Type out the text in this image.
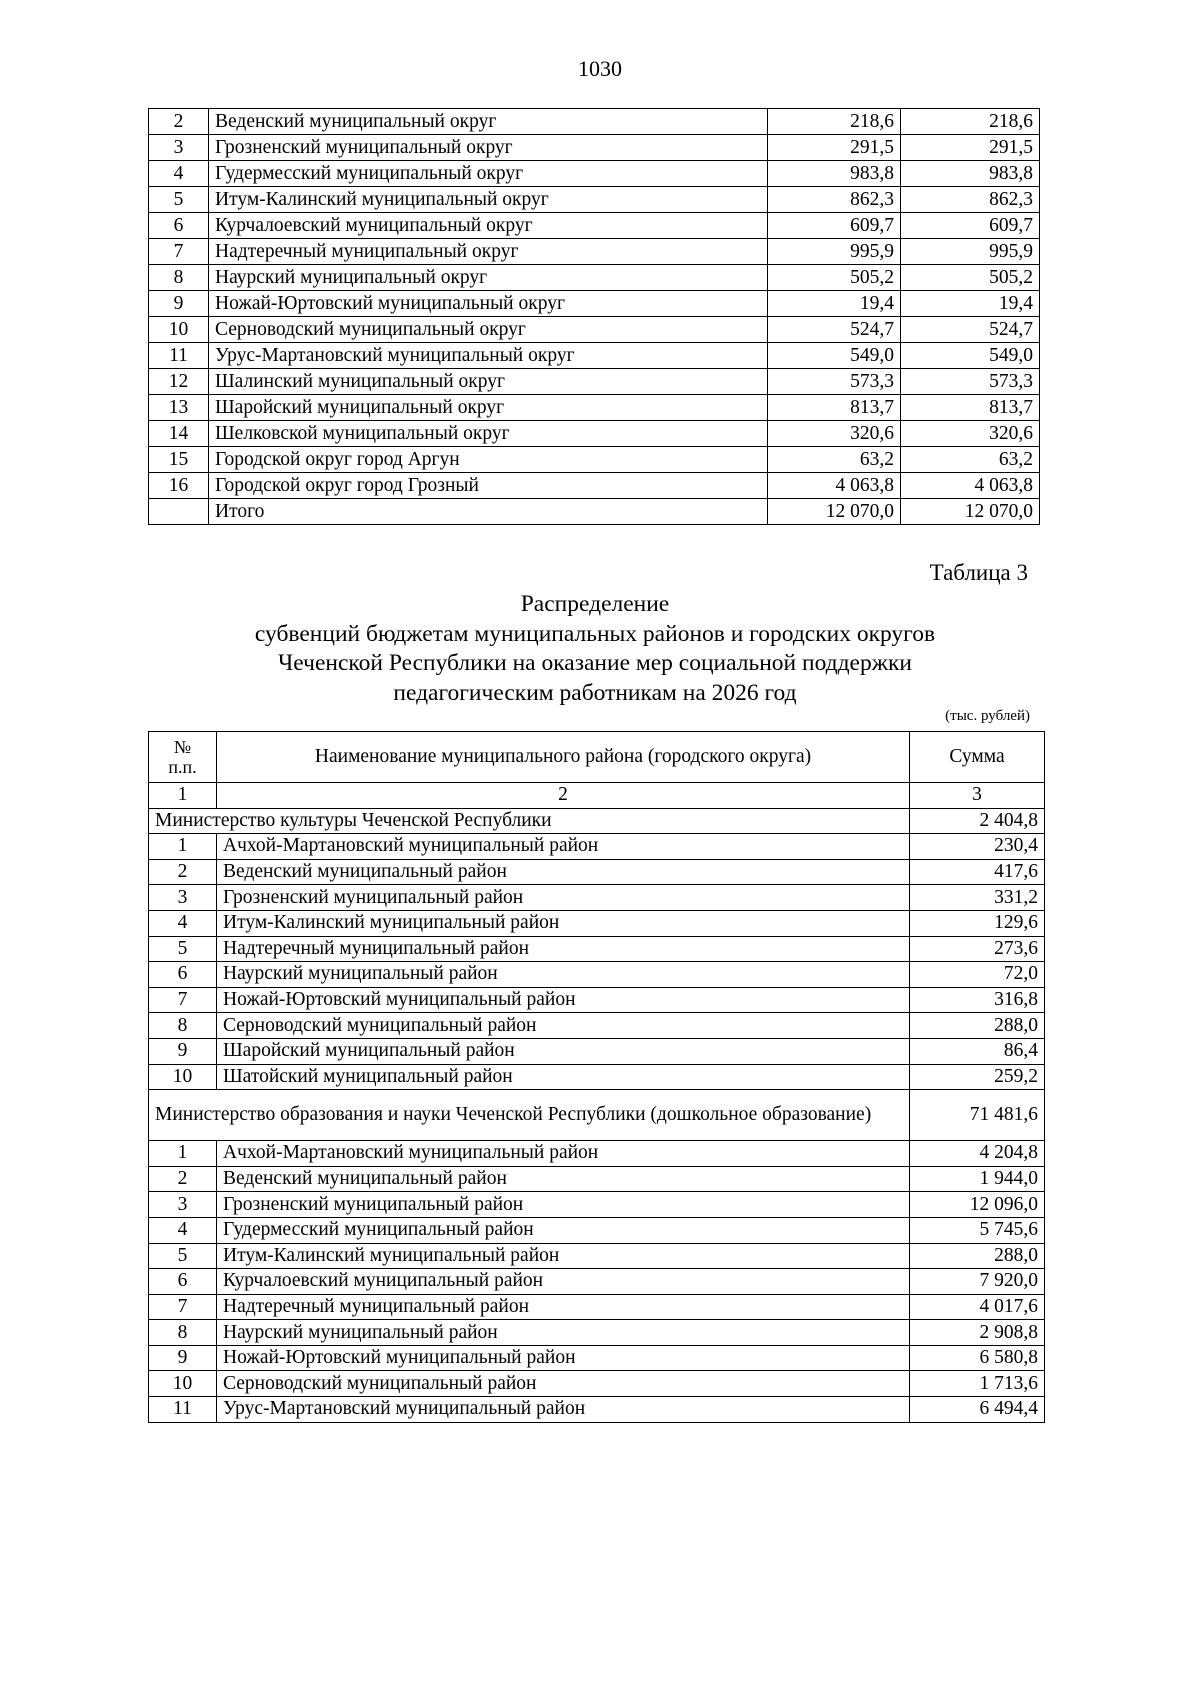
1030
2	Веденский муниципальный округ	218,6	218,6
3	Грозненский муниципальный округ	291,5	291,5
4	Гудермесский муниципальный округ	983,8	983,8
5	Итум-Калинский муниципальный округ	862,3	862,3
6	Курчалоевский муниципальный округ	609,7	609,7
7	Надтеречный муниципальный округ	995,9	995,9
8	Наурский муниципальный округ	505,2	505,2
9	Ножай-Юртовский муниципальный округ	19,4	19,4
10	Серноводский муниципальный округ	524,7	524,7
11	Урус-Мартановский муниципальный округ	549,0	549,0
12	Шалинский муниципальный округ	573,3	573,3
13	Шаройский муниципальный округ	813,7	813,7
14	Шелковской муниципальный округ	320,6	320,6
15	Городской округ город Аргун	63,2	63,2
16	Городской округ город Грозный	4 063,8	4 063,8
	Итого	12 070,0	12 070,0
Таблица 3
Распределение
субвенций бюджетам муниципальных районов и городских округов
Чеченской Республики на оказание мер социальной поддержки
педагогическим работникам на 2026 год
(тыс. рублей)
№
п.п.	Наименование муниципального района (городского округа)	Сумма
1	2	3
Министерство культуры Чеченской Республики		2 404,8
1	Ачхой-Мартановский муниципальный район	230,4
2	Веденский муниципальный район	417,6
3	Грозненский муниципальный район	331,2
4	Итум-Калинский муниципальный район	129,6
5	Надтеречный муниципальный район	273,6
6	Наурский муниципальный район	72,0
7	Ножай-Юртовский муниципальный район	316,8
8	Серноводский муниципальный район	288,0
9	Шаройский муниципальный район	86,4
10	Шатойский муниципальный район	259,2
Министерство образования и науки Чеченской Республики (дошкольное образование)		71 481,6
1	Ачхой-Мартановский муниципальный район	4 204,8
2	Веденский муниципальный район	1 944,0
3	Грозненский муниципальный район	12 096,0
4	Гудермесский муниципальный район	5 745,6
5	Итум-Калинский муниципальный район	288,0
6	Курчалоевский муниципальный район	7 920,0
7	Надтеречный муниципальный район	4 017,6
8	Наурский муниципальный район	2 908,8
9	Ножай-Юртовский муниципальный район	6 580,8
10	Серноводский муниципальный район	1 713,6
11	Урус-Мартановский муниципальный район	6 494,4
